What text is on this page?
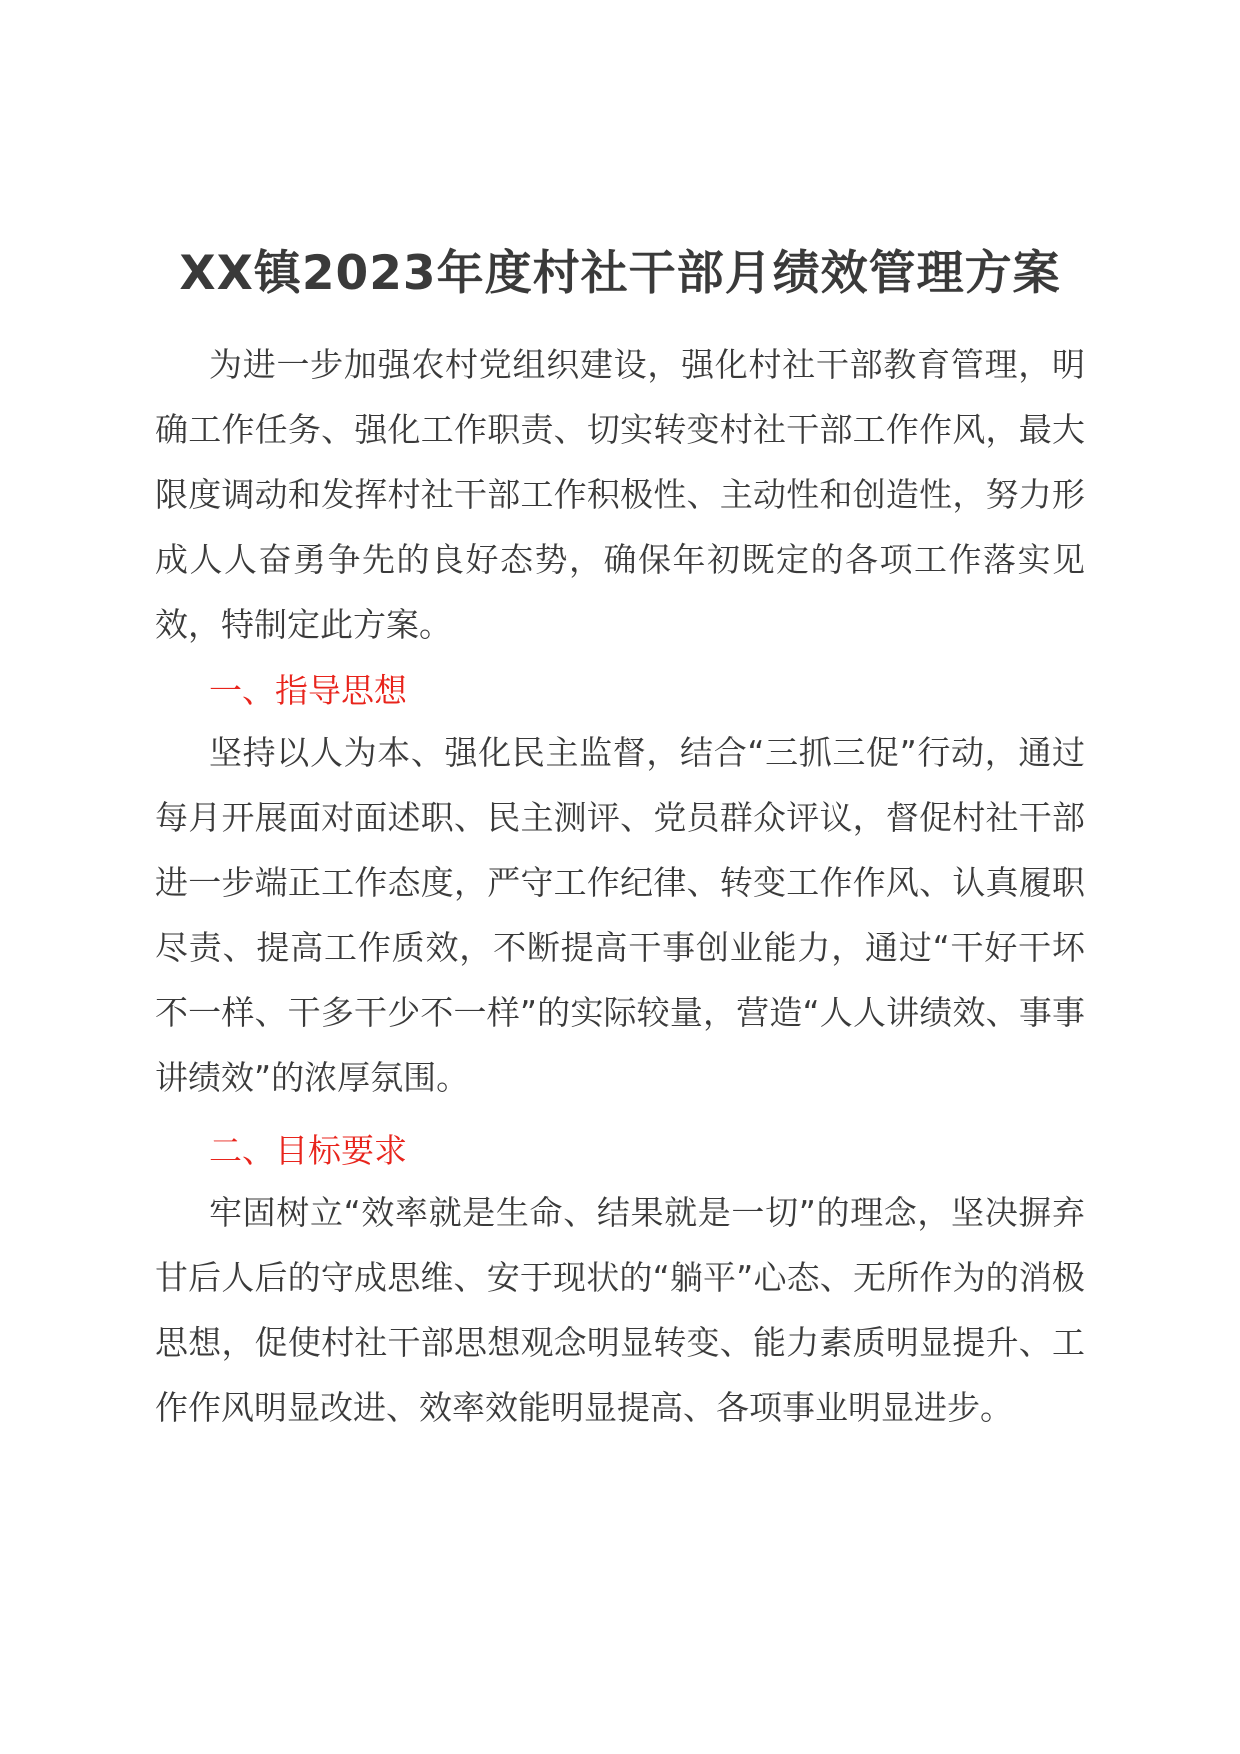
XX镇2023年度村社干部月绩效管理方案

为进一步加强农村党组织建设，强化村社干部教育管理，明确工作任务、强化工作职责、切实转变村社干部工作作风，最大限度调动和发挥村社干部工作积极性、主动性和创造性，努力形成人人奋勇争先的良好态势，确保年初既定的各项工作落实见效，特制定此方案。

一、指导思想

坚持以人为本、强化民主监督，结合“三抓三促”行动，通过每月开展面对面述职、民主测评、党员群众评议，督促村社干部进一步端正工作态度，严守工作纪律、转变工作作风、认真履职尽责、提高工作质效，不断提高干事创业能力，通过“干好干坏不一样、干多干少不一样”的实际较量，营造“人人讲绩效、事事讲绩效”的浓厚氛围。

二、目标要求

牢固树立“效率就是生命、结果就是一切”的理念，坚决摒弃甘后人后的守成思维、安于现状的“躺平”心态、无所作为的消极思想，促使村社干部思想观念明显转变、能力素质明显提升、工作作风明显改进、效率效能明显提高、各项事业明显进步。
